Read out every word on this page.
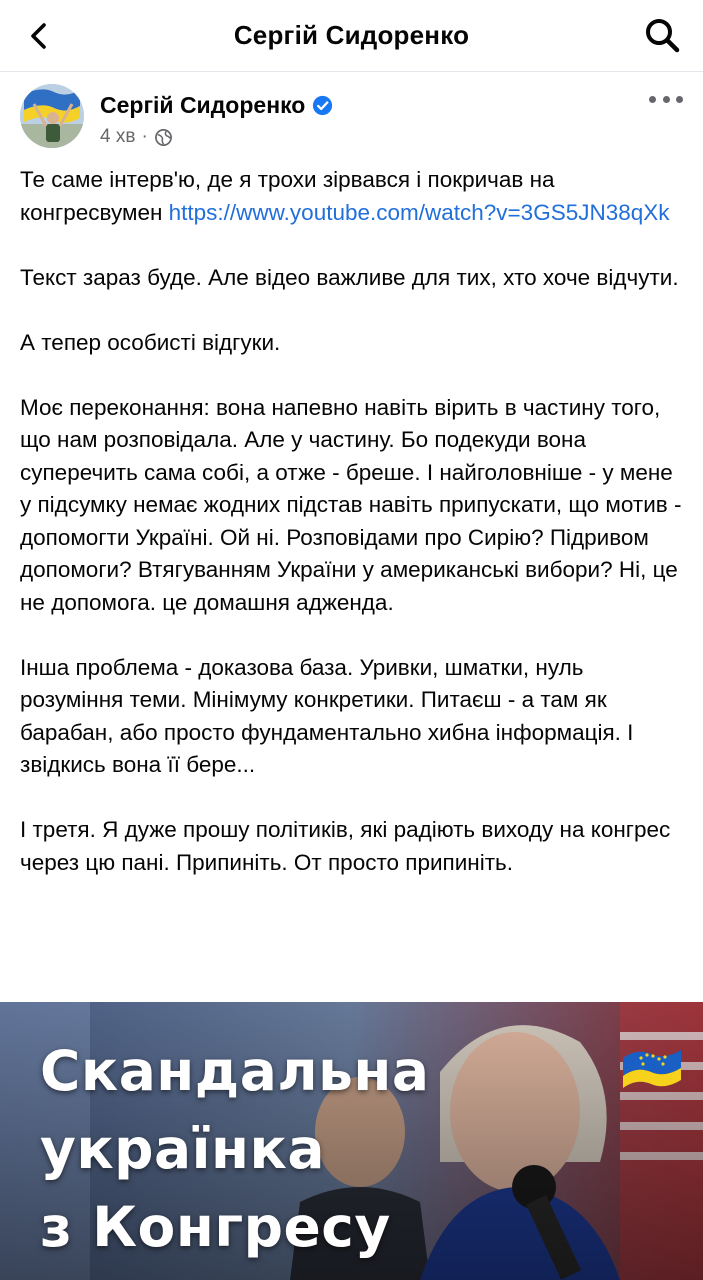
Сергій Сидоренко
Сергій Сидоренко
4 хв ·

Те саме інтерв'ю, де я трохи зірвався і покричав на конгресвумен https://www.youtube.com/watch?v=3GS5JN38qXk

Текст зараз буде. Але відео важливе для тих, хто хоче відчути.

А тепер особисті відгуки.

Моє переконання: вона напевно навіть вірить в частину того, що нам розповідала. Але у частину. Бо подекуди вона суперечить сама собі, а отже - бреше. І найголовніше - у мене у підсумку немає жодних підстав навіть припускати, що мотив - допомогти Україні. Ой ні. Розповідами про Сирію? Підривом допомоги? Втягуванням України у американські вибори? Ні, це не допомога. це домашня адженда.

Інша проблема - доказова база. Уривки, шматки, нуль розуміння теми. Мінімуму конкретики. Питаєш - а там як барабан, або просто фундаментально хибна інформація. І звідкись вона її бере...

І третя. Я дуже прошу політиків, які радіють виходу на конгрес через цю пані. Припиніть. От просто припиніть.

Скандальна
українка
з Конгресу
